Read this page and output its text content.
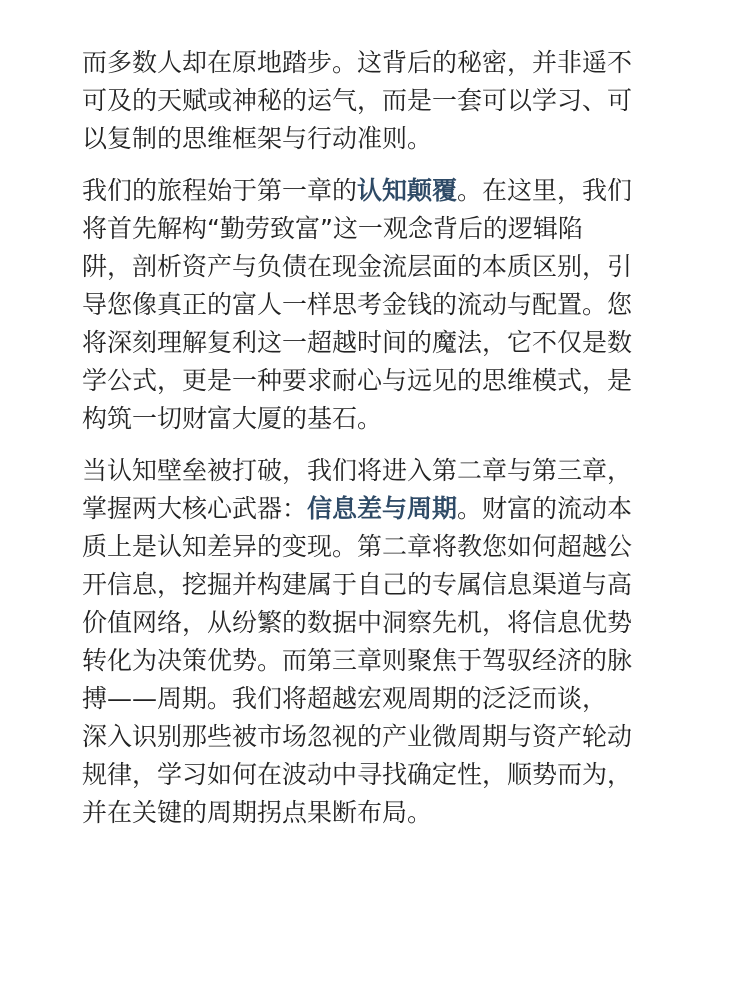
而多数人却在原地踏步。这背后的秘密，并非遥不
可及的天赋或神秘的运气，而是一套可以学习、可
以复制的思维框架与行动准则。

我们的旅程始于第一章的认知颠覆。在这里，我们
将首先解构“勤劳致富”这一观念背后的逻辑陷
阱，剖析资产与负债在现金流层面的本质区别，引
导您像真正的富人一样思考金钱的流动与配置。您
将深刻理解复利这一超越时间的魔法，它不仅是数
学公式，更是一种要求耐心与远见的思维模式，是
构筑一切财富大厦的基石。

当认知壁垒被打破，我们将进入第二章与第三章，
掌握两大核心武器：信息差与周期。财富的流动本
质上是认知差异的变现。第二章将教您如何超越公
开信息，挖掘并构建属于自己的专属信息渠道与高
价值网络，从纷繁的数据中洞察先机，将信息优势
转化为决策优势。而第三章则聚焦于驾驭经济的脉
搏——周期。我们将超越宏观周期的泛泛而谈，
深入识别那些被市场忽视的产业微周期与资产轮动
规律，学习如何在波动中寻找确定性，顺势而为，
并在关键的周期拐点果断布局。
